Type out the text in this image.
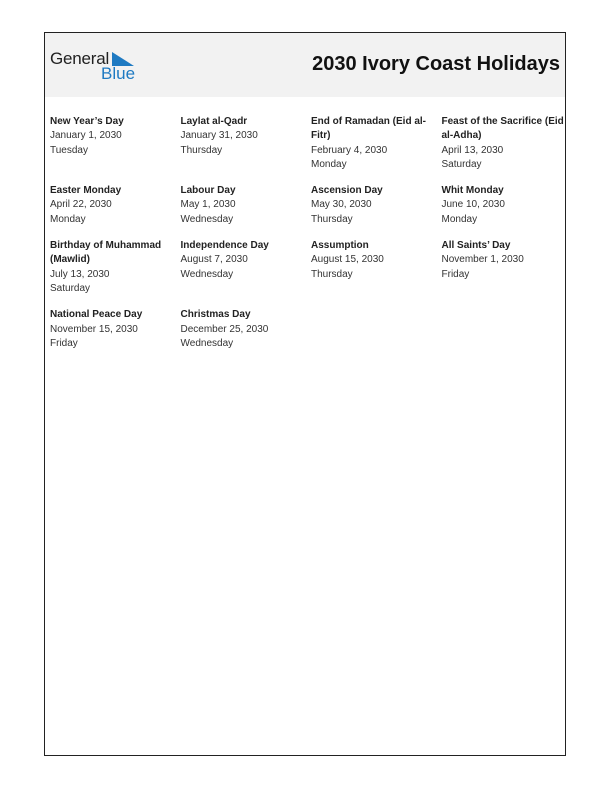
General
Blue	2030 Ivory Coast Holidays
New Year’s Day
January 1, 2030
Tuesday
Laylat al-Qadr
January 31, 2030
Thursday
End of Ramadan (Eid al-Fitr)
February 4, 2030
Monday
Feast of the Sacrifice (Eid al-Adha)
April 13, 2030
Saturday
Easter Monday
April 22, 2030
Monday
Labour Day
May 1, 2030
Wednesday
Ascension Day
May 30, 2030
Thursday
Whit Monday
June 10, 2030
Monday
Birthday of Muhammad (Mawlid)
July 13, 2030
Saturday
Independence Day
August 7, 2030
Wednesday
Assumption
August 15, 2030
Thursday
All Saints’ Day
November 1, 2030
Friday
National Peace Day
November 15, 2030
Friday
Christmas Day
December 25, 2030
Wednesday
